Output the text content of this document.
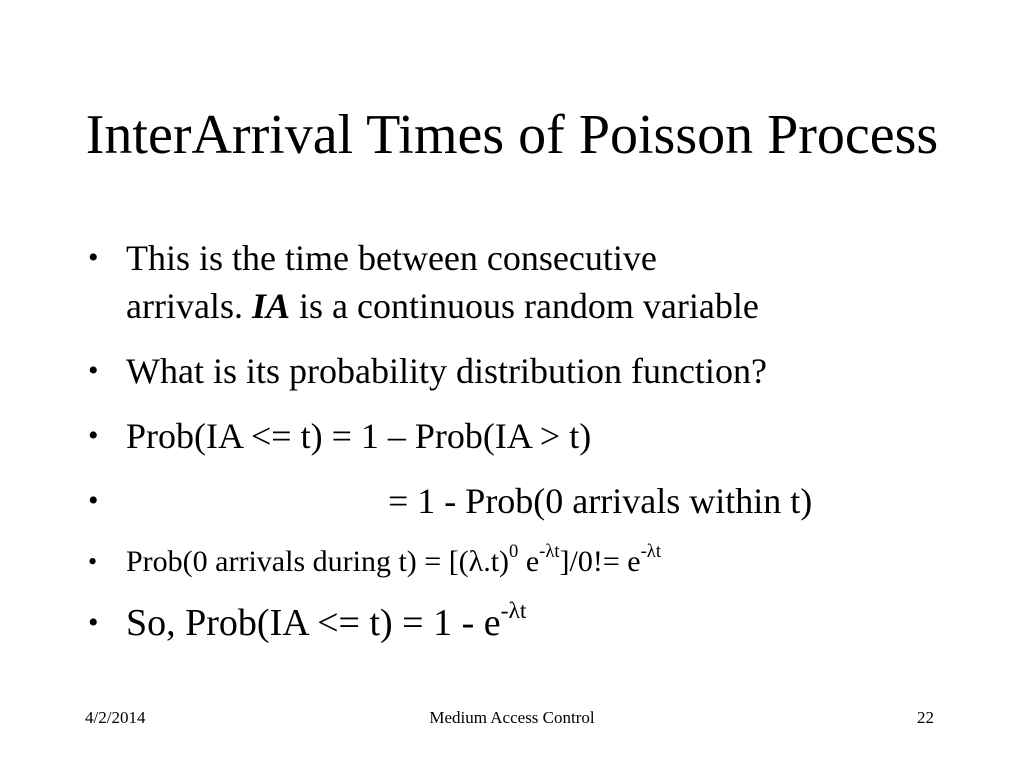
InterArrival Times of Poisson Process
• This is the time between consecutive
arrivals. IA is a continuous random variable
• What is its probability distribution function?
• Prob(IA <= t) = 1 – Prob(IA > t)
•	= 1 - Prob(0 arrivals within t)
• Prob(0 arrivals during $t) = [(\lambda.t)^0$ $e^{-\lambda t}]/0!= e^{-\lambda t}$
• So, Prob(IA <= $t) = 1 - e^{-\lambda t}$
4/2/2014	Medium Access Control	22
